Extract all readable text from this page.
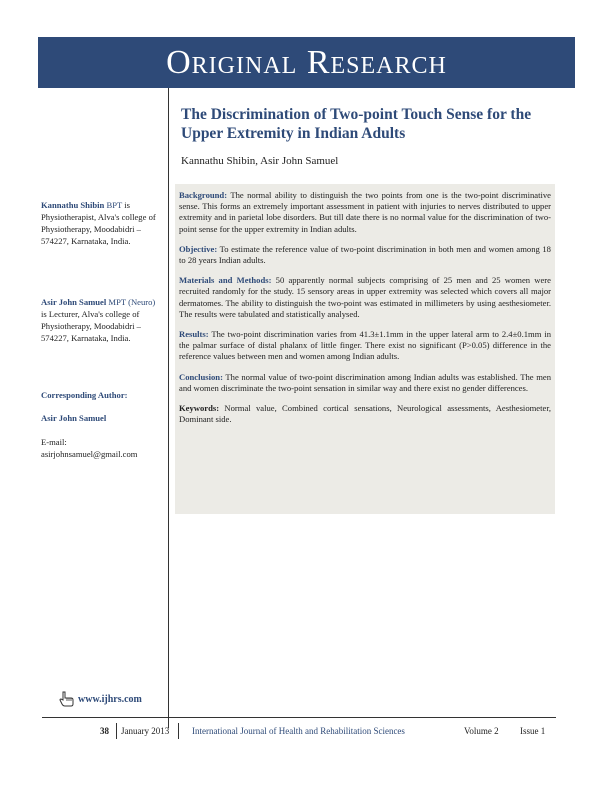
Original Research
The Discrimination of Two-point Touch Sense for the Upper Extremity in Indian Adults
Kannathu Shibin, Asir John Samuel

Background: The normal ability to distinguish the two points from one is the two-point discriminative sense. This forms an extremely important assessment in patient with injuries to nerves distributed to upper extremity and in parietal lobe disorders. But till date there is no normal value for the discrimination of two-point sense for the upper extremity in Indian adults.

Objective: To estimate the reference value of two-point discrimination in both men and women among 18 to 28 years Indian adults.

Materials and Methods: 50 apparently normal subjects comprising of 25 men and 25 women were recruited randomly for the study. 15 sensory areas in upper extremity was selected which covers all major dermatomes. The ability to distinguish the two-point was estimated in millimeters by using aesthesiometer. The results were tabulated and statistically analysed.

Results: The two-point discrimination varies from 41.3±1.1mm in the upper lateral arm to 2.4±0.1mm in the palmar surface of distal phalanx of little finger. There exist no significant (P>0.05) difference in the reference values between men and women among Indian adults.

Conclusion: The normal value of two-point discrimination among Indian adults was established. The men and women discriminate the two-point sensation in similar way and there exist no gender differences.

Keywords: Normal value, Combined cortical sensations, Neurological assessments, Aesthesiometer, Dominant side.

Kannathu Shibin BPT is Physiotherapist, Alva's college of Physiotherapy, Moodabidri – 574227, Karnataka, India.
Asir John Samuel MPT (Neuro) is Lecturer, Alva's college of Physiotherapy, Moodabidri – 574227, Karnataka, India.
Corresponding Author:
Asir John Samuel
E-mail:
asirjohnsamuel@gmail.com
www.ijhrs.com
38 January 2013	International Journal of Health and Rehabilitation Sciences	Volume 2 Issue 1
